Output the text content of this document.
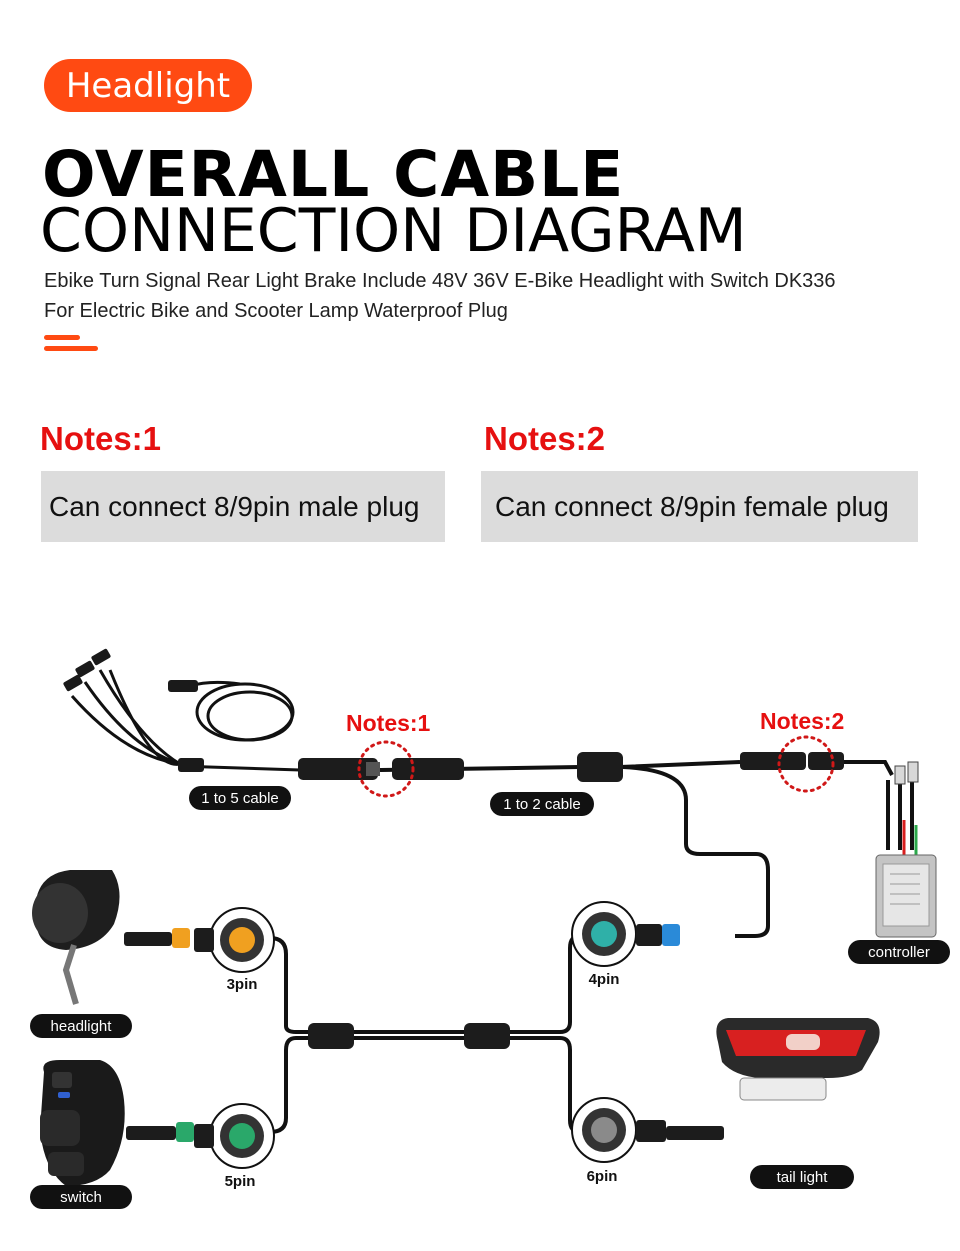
Headlight
OVERALL CABLE
CONNECTION DIAGRAM
Ebike Turn Signal Rear Light Brake Include 48V 36V E-Bike Headlight with Switch DK336 For Electric Bike and Scooter Lamp Waterproof Plug
Notes:1
Can connect 8/9pin male plug
Notes:2
Can connect 8/9pin female plug
Notes:1	Notes:2
1 to 5 cable	1 to 2 cable
controller
headlight
switch
tail light
3pin	4pin
5pin	6pin
